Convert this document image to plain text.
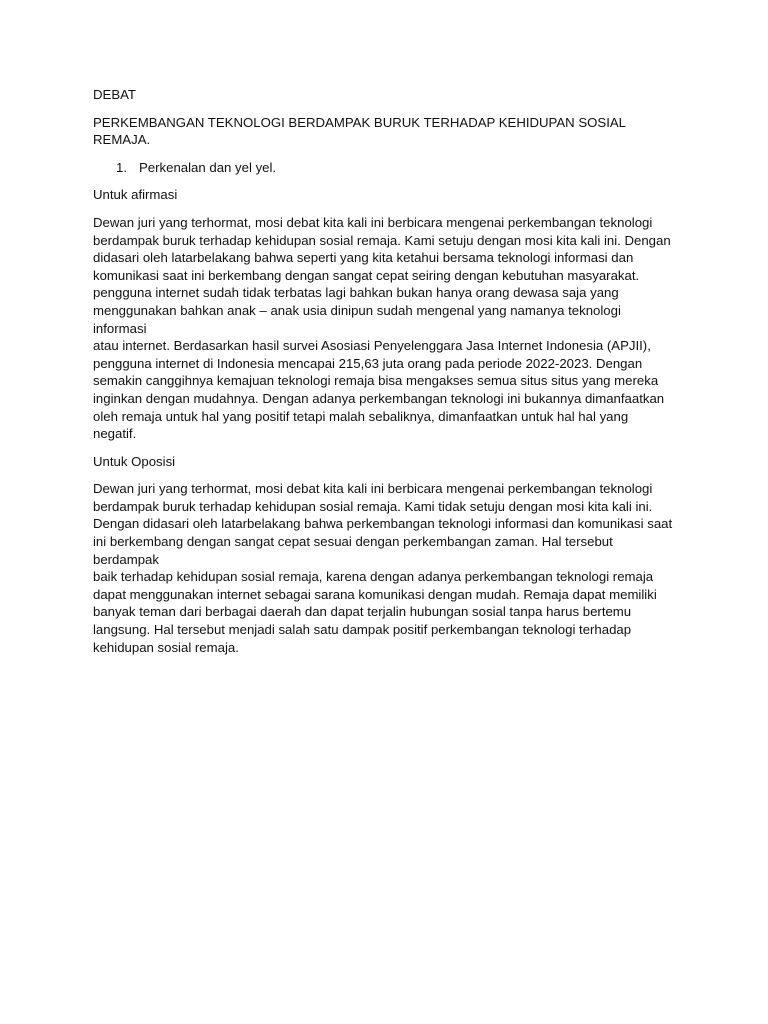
DEBAT

PERKEMBANGAN TEKNOLOGI BERDAMPAK BURUK TERHADAP KEHIDUPAN SOSIAL REMAJA.

1. Perkenalan dan yel yel.

Untuk afirmasi

Dewan juri yang terhormat, mosi debat kita kali ini berbicara mengenai perkembangan teknologi
berdampak buruk terhadap kehidupan sosial remaja. Kami setuju dengan mosi kita kali ini. Dengan
didasari oleh latarbelakang bahwa seperti yang kita ketahui bersama teknologi informasi dan
komunikasi saat ini berkembang dengan sangat cepat seiring dengan kebutuhan masyarakat.
pengguna internet sudah tidak terbatas lagi bahkan bukan hanya orang dewasa saja yang
menggunakan bahkan anak – anak usia dinipun sudah mengenal yang namanya teknologi informasi
atau internet. Berdasarkan hasil survei Asosiasi Penyelenggara Jasa Internet Indonesia (APJII),
pengguna internet di Indonesia mencapai 215,63 juta orang pada periode 2022-2023. Dengan
semakin canggihnya kemajuan teknologi remaja bisa mengakses semua situs situs yang mereka
inginkan dengan mudahnya. Dengan adanya perkembangan teknologi ini bukannya dimanfaatkan
oleh remaja untuk hal yang positif tetapi malah sebaliknya, dimanfaatkan untuk hal hal yang negatif.

Untuk Oposisi

Dewan juri yang terhormat, mosi debat kita kali ini berbicara mengenai perkembangan teknologi
berdampak buruk terhadap kehidupan sosial remaja. Kami tidak setuju dengan mosi kita kali ini.
Dengan didasari oleh latarbelakang bahwa perkembangan teknologi informasi dan komunikasi saat
ini berkembang dengan sangat cepat sesuai dengan perkembangan zaman. Hal tersebut berdampak
baik terhadap kehidupan sosial remaja, karena dengan adanya perkembangan teknologi remaja
dapat menggunakan internet sebagai sarana komunikasi dengan mudah. Remaja dapat memiliki
banyak teman dari berbagai daerah dan dapat terjalin hubungan sosial tanpa harus bertemu
langsung. Hal tersebut menjadi salah satu dampak positif perkembangan teknologi terhadap
kehidupan sosial remaja.
